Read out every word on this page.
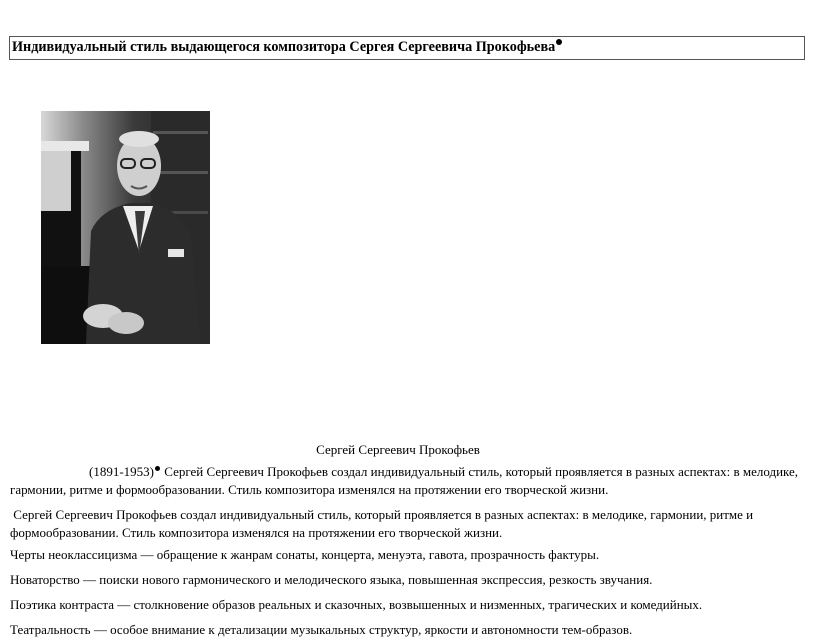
Индивидуальный стиль выдающегося композитора Сергея Сергеевича Прокофьева
Сергей Сергеевич Прокофьев
(1891-1953) Сергей Сергеевич Прокофьев создал индивидуальный стиль, который проявляется в разных аспектах: в мелодике, гармонии, ритме и формообразовании. Стиль композитора изменялся на протяжении его творческой жизни.
Сергей Сергеевич Прокофьев создал индивидуальный стиль, который проявляется в разных аспектах: в мелодике, гармонии, ритме и формообразовании. Стиль композитора изменялся на протяжении его творческой жизни.
Черты неоклассицизма — обращение к жанрам сонаты, концерта, менуэта, гавота, прозрачность фактуры.
Новаторство — поиски нового гармонического и мелодического языка, повышенная экспрессия, резкость звучания.
Поэтика контраста — столкновение образов реальных и сказочных, возвышенных и низменных, трагических и комедийных.
Театральность — особое внимание к детализации музыкальных структур, яркости и автономности тем-образов.
